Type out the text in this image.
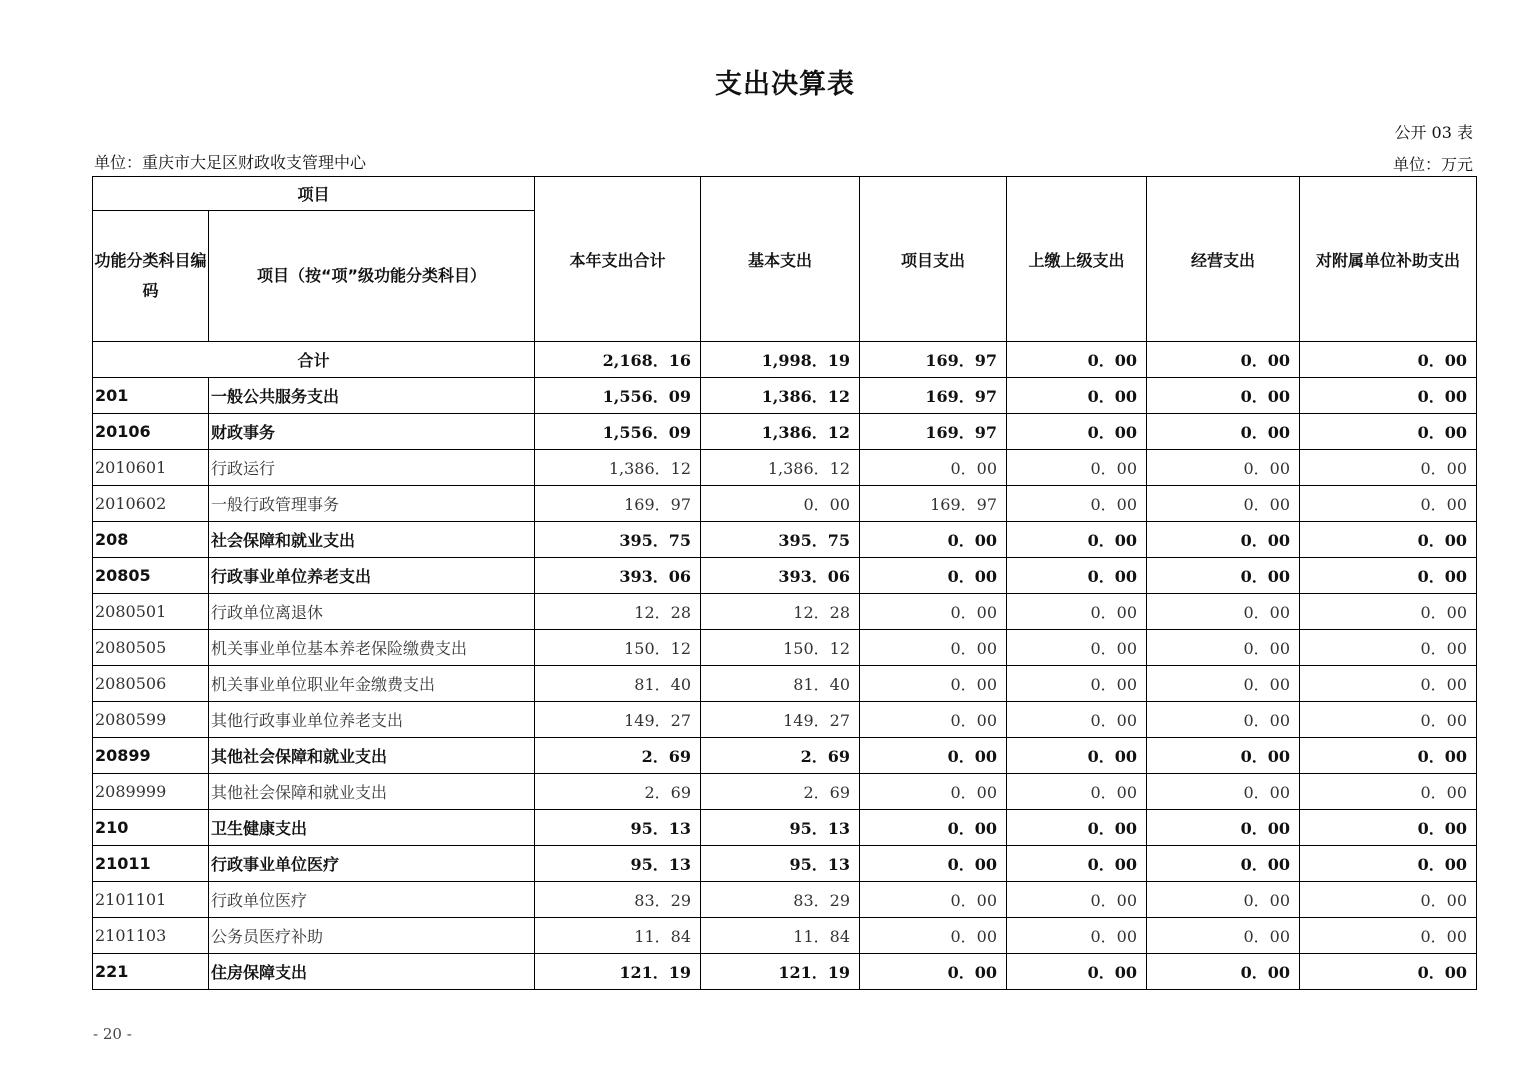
支出决算表
公开 03 表
单位：重庆市大足区财政收支管理中心	单位：万元
项目		本年支出合计	基本支出	项目支出	上缴上级支出	经营支出	对附属单位补助支出
功能分类科目编码	项目（按“项”级功能分类科目）						
合计		2,168．16	1,998．19	169．97	0．00	0．00	0．00
201	一般公共服务支出	1,556．09	1,386．12	169．97	0．00	0．00	0．00
20106	财政事务	1,556．09	1,386．12	169．97	0．00	0．00	0．00
2010601	行政运行	1,386．12	1,386．12	0．00	0．00	0．00	0．00
2010602	一般行政管理事务	169．97	0．00	169．97	0．00	0．00	0．00
208	社会保障和就业支出	395．75	395．75	0．00	0．00	0．00	0．00
20805	行政事业单位养老支出	393．06	393．06	0．00	0．00	0．00	0．00
2080501	行政单位离退休	12．28	12．28	0．00	0．00	0．00	0．00
2080505	机关事业单位基本养老保险缴费支出	150．12	150．12	0．00	0．00	0．00	0．00
2080506	机关事业单位职业年金缴费支出	81．40	81．40	0．00	0．00	0．00	0．00
2080599	其他行政事业单位养老支出	149．27	149．27	0．00	0．00	0．00	0．00
20899	其他社会保障和就业支出	2．69	2．69	0．00	0．00	0．00	0．00
2089999	其他社会保障和就业支出	2．69	2．69	0．00	0．00	0．00	0．00
210	卫生健康支出	95．13	95．13	0．00	0．00	0．00	0．00
21011	行政事业单位医疗	95．13	95．13	0．00	0．00	0．00	0．00
2101101	行政单位医疗	83．29	83．29	0．00	0．00	0．00	0．00
2101103	公务员医疗补助	11．84	11．84	0．00	0．00	0．00	0．00
221	住房保障支出	121．19	121．19	0．00	0．00	0．00	0．00
- 20 -
